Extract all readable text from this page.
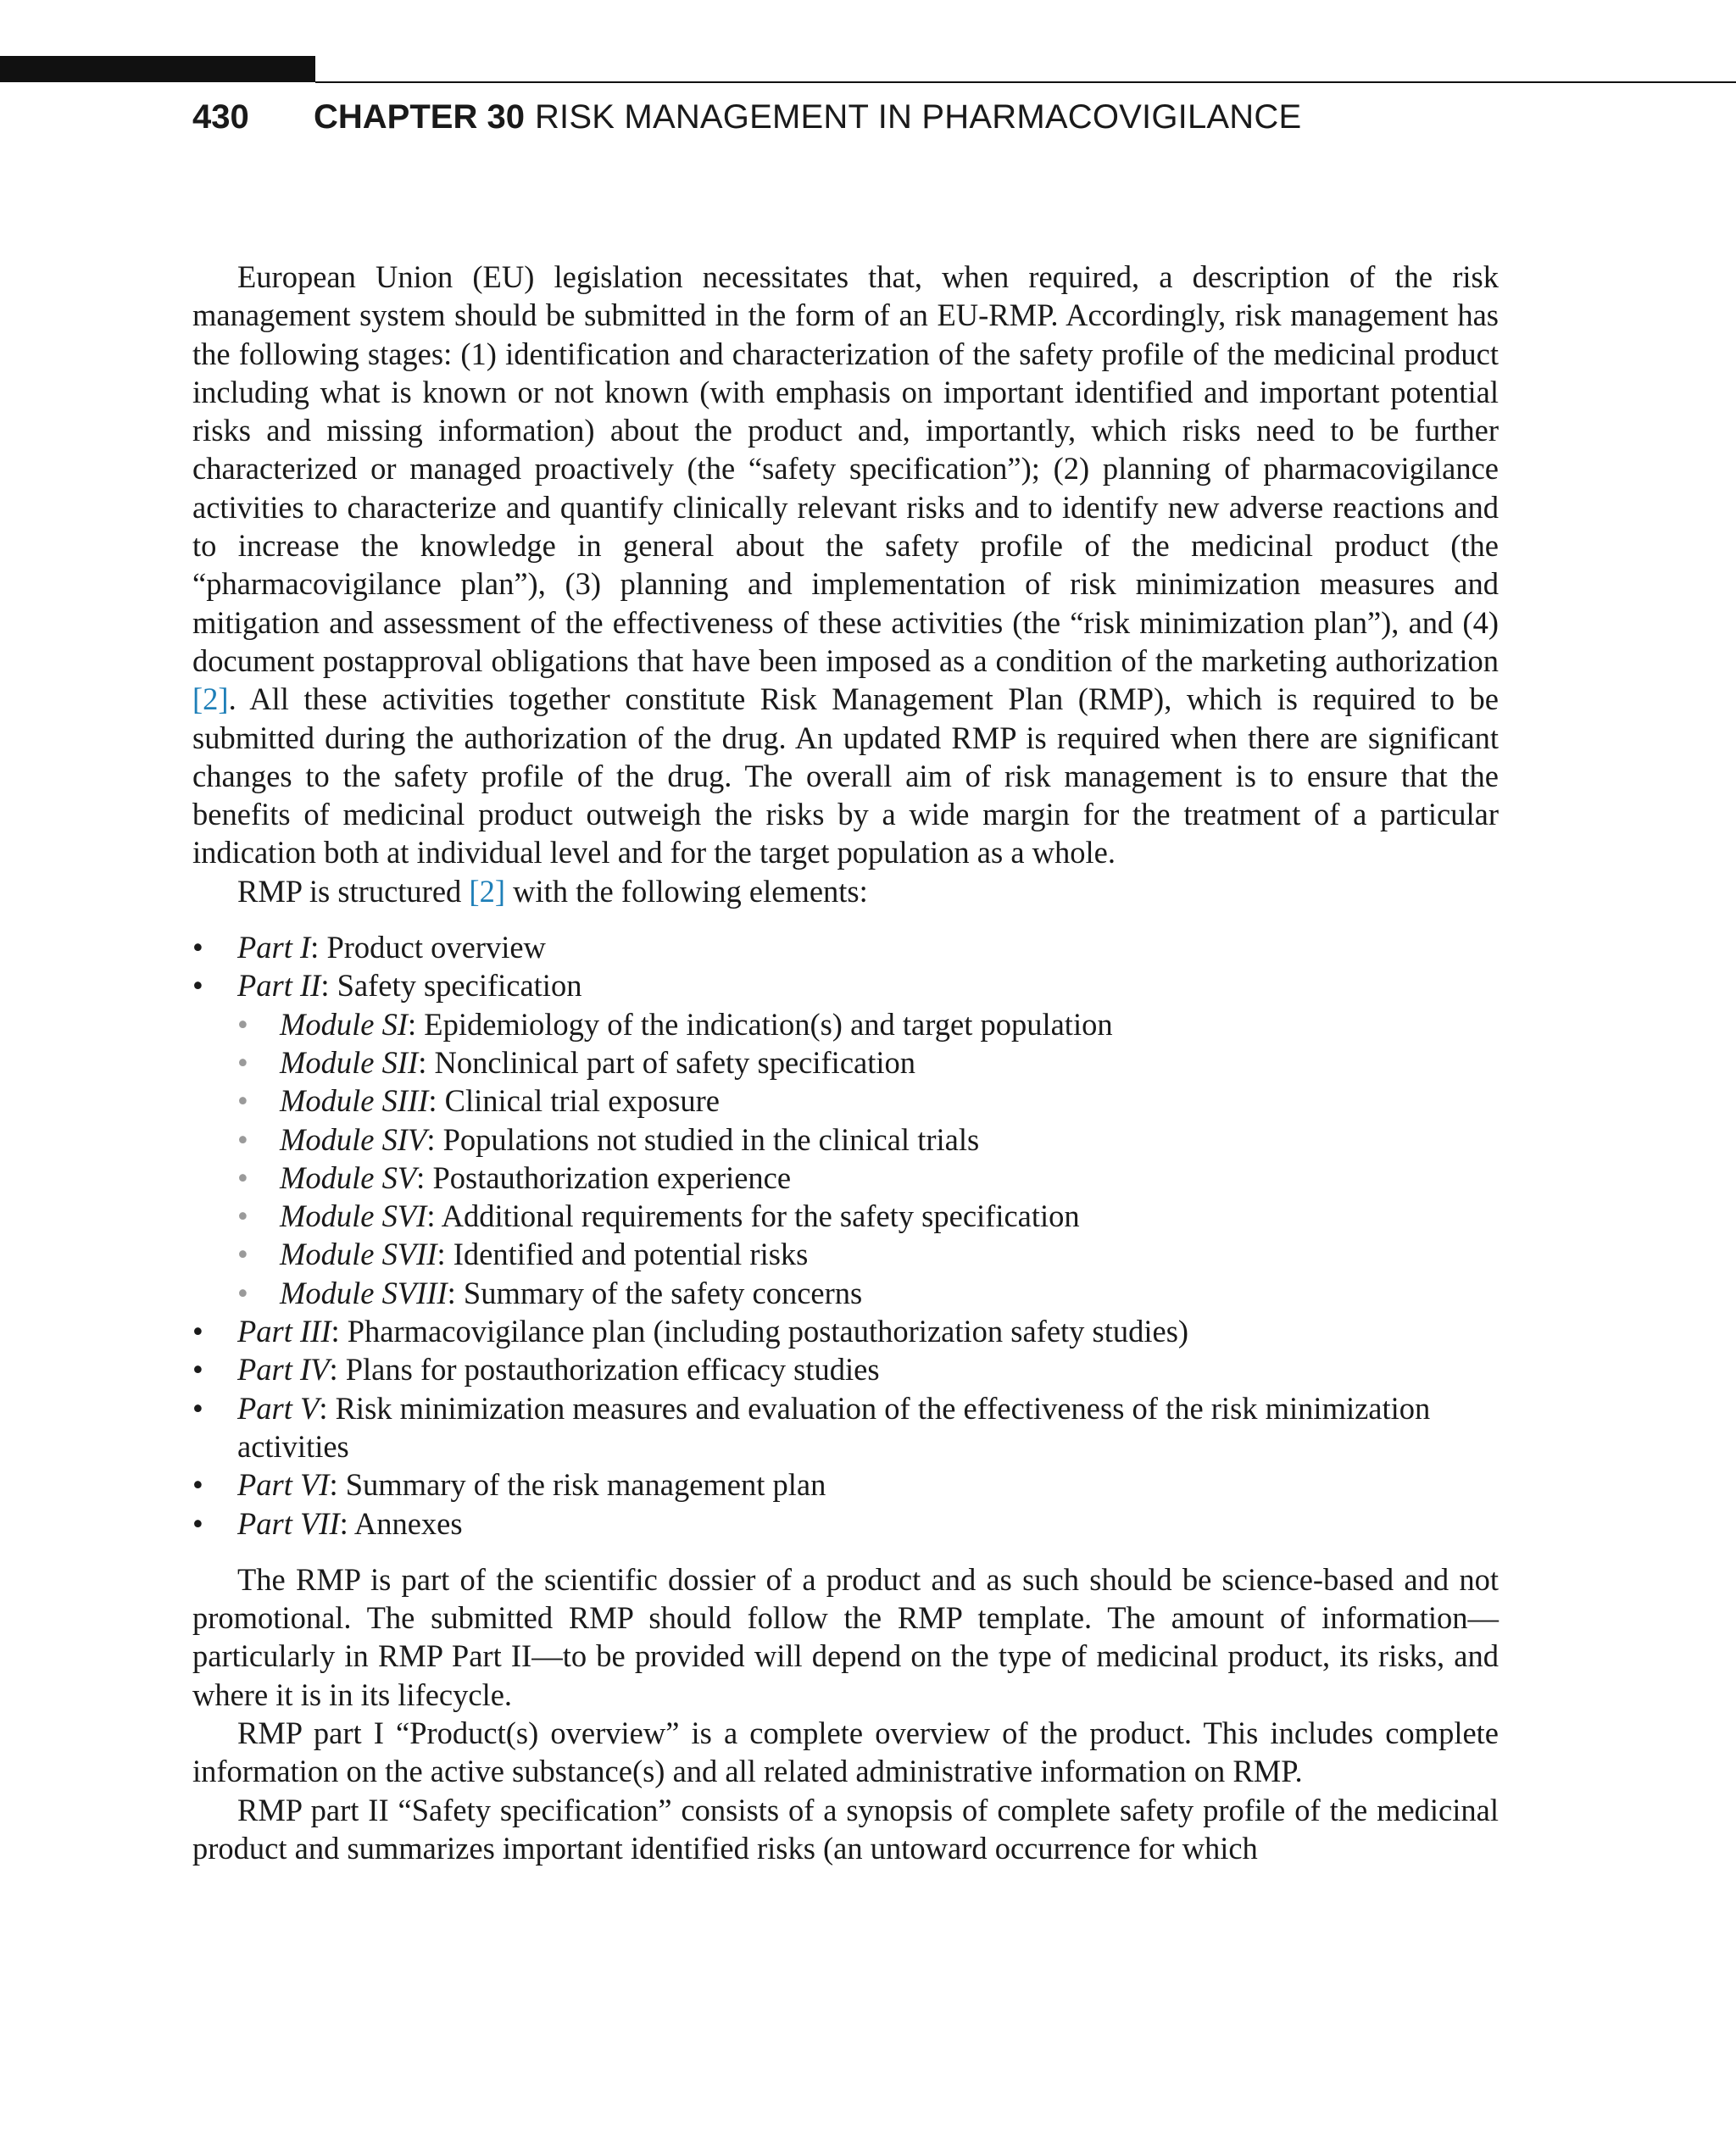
430 CHAPTER 30 RISK MANAGEMENT IN PHARMACOVIGILANCE

European Union (EU) legislation necessitates that, when required, a description of the risk management system should be submitted in the form of an EU-RMP. Accordingly, risk management has the following stages: (1) identification and characterization of the safety profile of the medicinal product including what is known or not known (with emphasis on important identified and important potential risks and missing information) about the product and, importantly, which risks need to be further characterized or managed proactively (the “safety specification”); (2) planning of pharmacovigilance activities to characterize and quantify clinically relevant risks and to identify new adverse reactions and to increase the knowledge in general about the safety profile of the medicinal product (the “pharmacovigilance plan”), (3) planning and implementation of risk minimization measures and mitigation and assessment of the effectiveness of these activities (the “risk minimization plan”), and (4) document postapproval obligations that have been imposed as a condition of the marketing authorization [2]. All these activities together constitute Risk Management Plan (RMP), which is required to be submitted during the authorization of the drug. An updated RMP is required when there are significant changes to the safety profile of the drug. The overall aim of risk management is to ensure that the benefits of medicinal product outweigh the risks by a wide margin for the treatment of a particular indication both at individual level and for the target population as a whole.

RMP is structured [2] with the following elements:

• Part I: Product overview
• Part II: Safety specification
• Module SI: Epidemiology of the indication(s) and target population
• Module SII: Nonclinical part of safety specification
• Module SIII: Clinical trial exposure
• Module SIV: Populations not studied in the clinical trials
• Module SV: Postauthorization experience
• Module SVI: Additional requirements for the safety specification
• Module SVII: Identified and potential risks
• Module SVIII: Summary of the safety concerns
• Part III: Pharmacovigilance plan (including postauthorization safety studies)
• Part IV: Plans for postauthorization efficacy studies
• Part V: Risk minimization measures and evaluation of the effectiveness of the risk minimization activities
• Part VI: Summary of the risk management plan
• Part VII: Annexes

The RMP is part of the scientific dossier of a product and as such should be science-based and not promotional. The submitted RMP should follow the RMP template. The amount of information—particularly in RMP Part II—to be provided will depend on the type of medicinal product, its risks, and where it is in its lifecycle.

RMP part I “Product(s) overview” is a complete overview of the product. This includes complete information on the active substance(s) and all related administrative information on RMP.

RMP part II “Safety specification” consists of a synopsis of complete safety profile of the medicinal product and summarizes important identified risks (an untoward occurrence for which
